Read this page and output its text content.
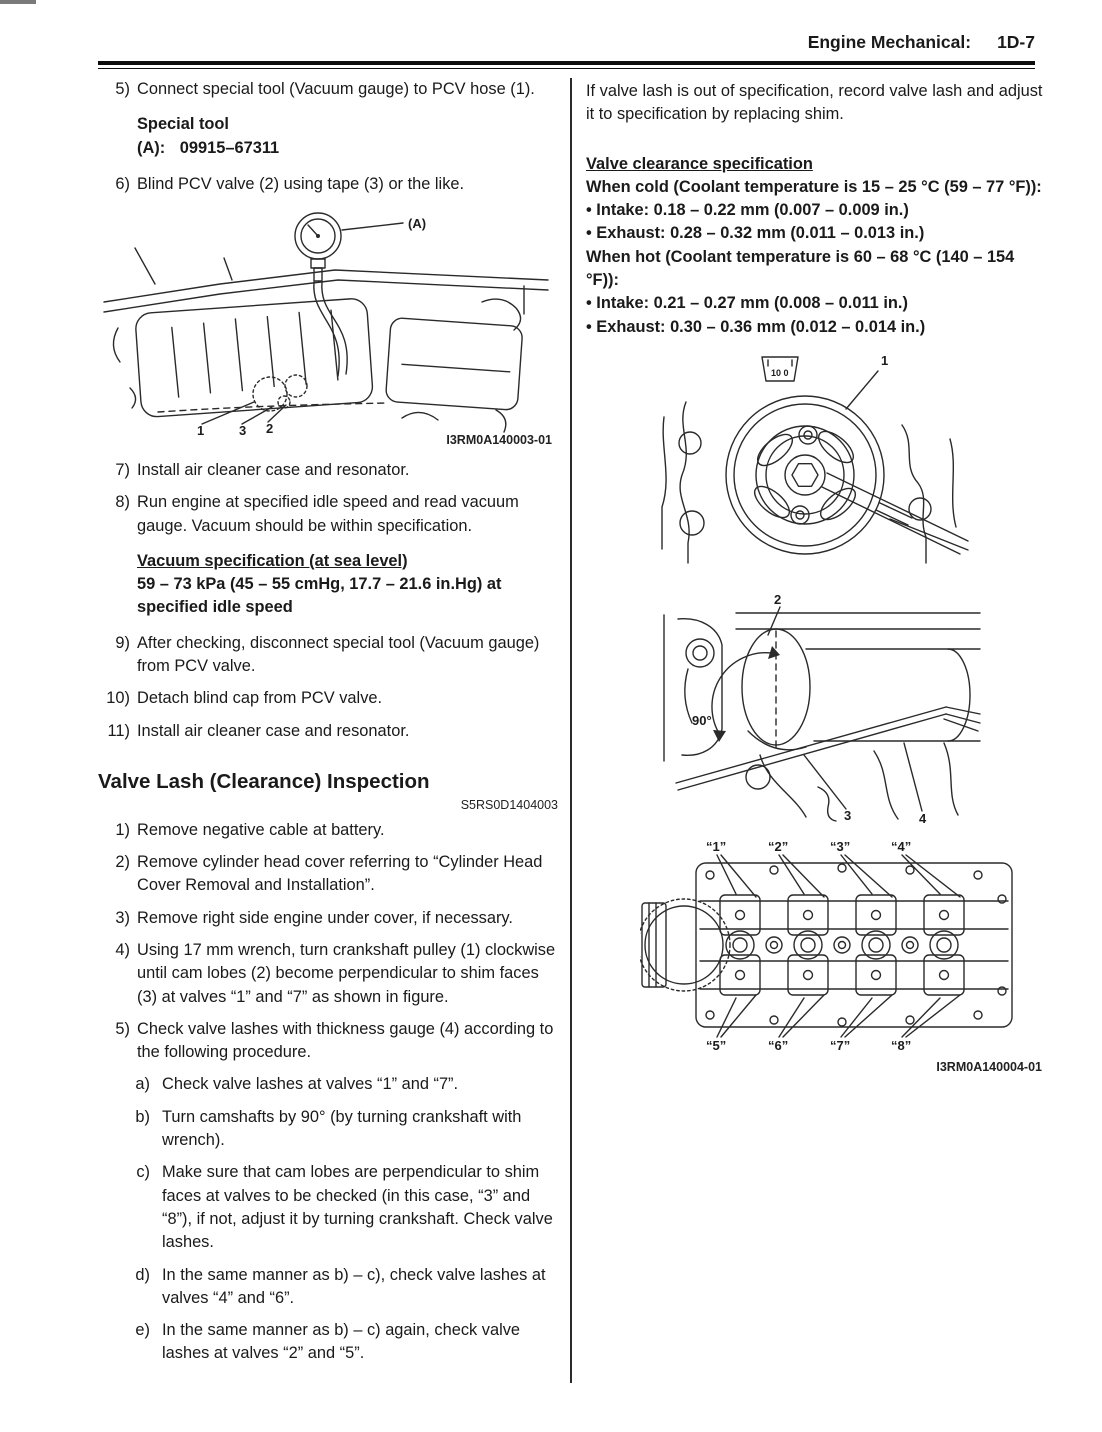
Engine Mechanical: 1D-7
5) Connect special tool (Vacuum gauge) to PCV hose (1).
Special tool
(A): 09915–67311
6) Blind PCV valve (2) using tape (3) or the like.
(A)
1	3 2
I3RM0A140003-01
7) Install air cleaner case and resonator.
8) Run engine at specified idle speed and read vacuum gauge. Vacuum should be within specification.
Vacuum specification (at sea level)
59 – 73 kPa (45 – 55 cmHg, 17.7 – 21.6 in.Hg) at specified idle speed
9) After checking, disconnect special tool (Vacuum gauge) from PCV valve.
10) Detach blind cap from PCV valve.
11) Install air cleaner case and resonator.
Valve Lash (Clearance) Inspection
S5RS0D1404003
1) Remove negative cable at battery.
2) Remove cylinder head cover referring to “Cylinder Head Cover Removal and Installation”.
3) Remove right side engine under cover, if necessary.
4) Using 17 mm wrench, turn crankshaft pulley (1) clockwise until cam lobes (2) become perpendicular to shim faces (3) at valves “1” and “7” as shown in figure.
5) Check valve lashes with thickness gauge (4) according to the following procedure.
a) Check valve lashes at valves “1” and “7”.
b) Turn camshafts by 90° (by turning crankshaft with wrench).
c) Make sure that cam lobes are perpendicular to shim faces at valves to be checked (in this case, “3” and “8”), if not, adjust it by turning crankshaft. Check valve lashes.
d) In the same manner as b) – c), check valve lashes at valves “4” and “6”.
e) In the same manner as b) – c) again, check valve lashes at valves “2” and “5”.
If valve lash is out of specification, record valve lash and adjust it to specification by replacing shim.
Valve clearance specification
When cold (Coolant temperature is 15 – 25 °C (59 – 77 °F)):
• Intake: 0.18 – 0.22 mm (0.007 – 0.009 in.)
• Exhaust: 0.28 – 0.32 mm (0.011 – 0.013 in.)
When hot (Coolant temperature is 60 – 68 °C (140 – 154 °F)):
• Intake: 0.21 – 0.27 mm (0.008 – 0.011 in.)
• Exhaust: 0.30 – 0.36 mm (0.012 – 0.014 in.)
10 0
1
90°
3	4
2
“1”	“2”	“3”	“4”
“5”	“6”	“7”	“8”
I3RM0A140004-01
